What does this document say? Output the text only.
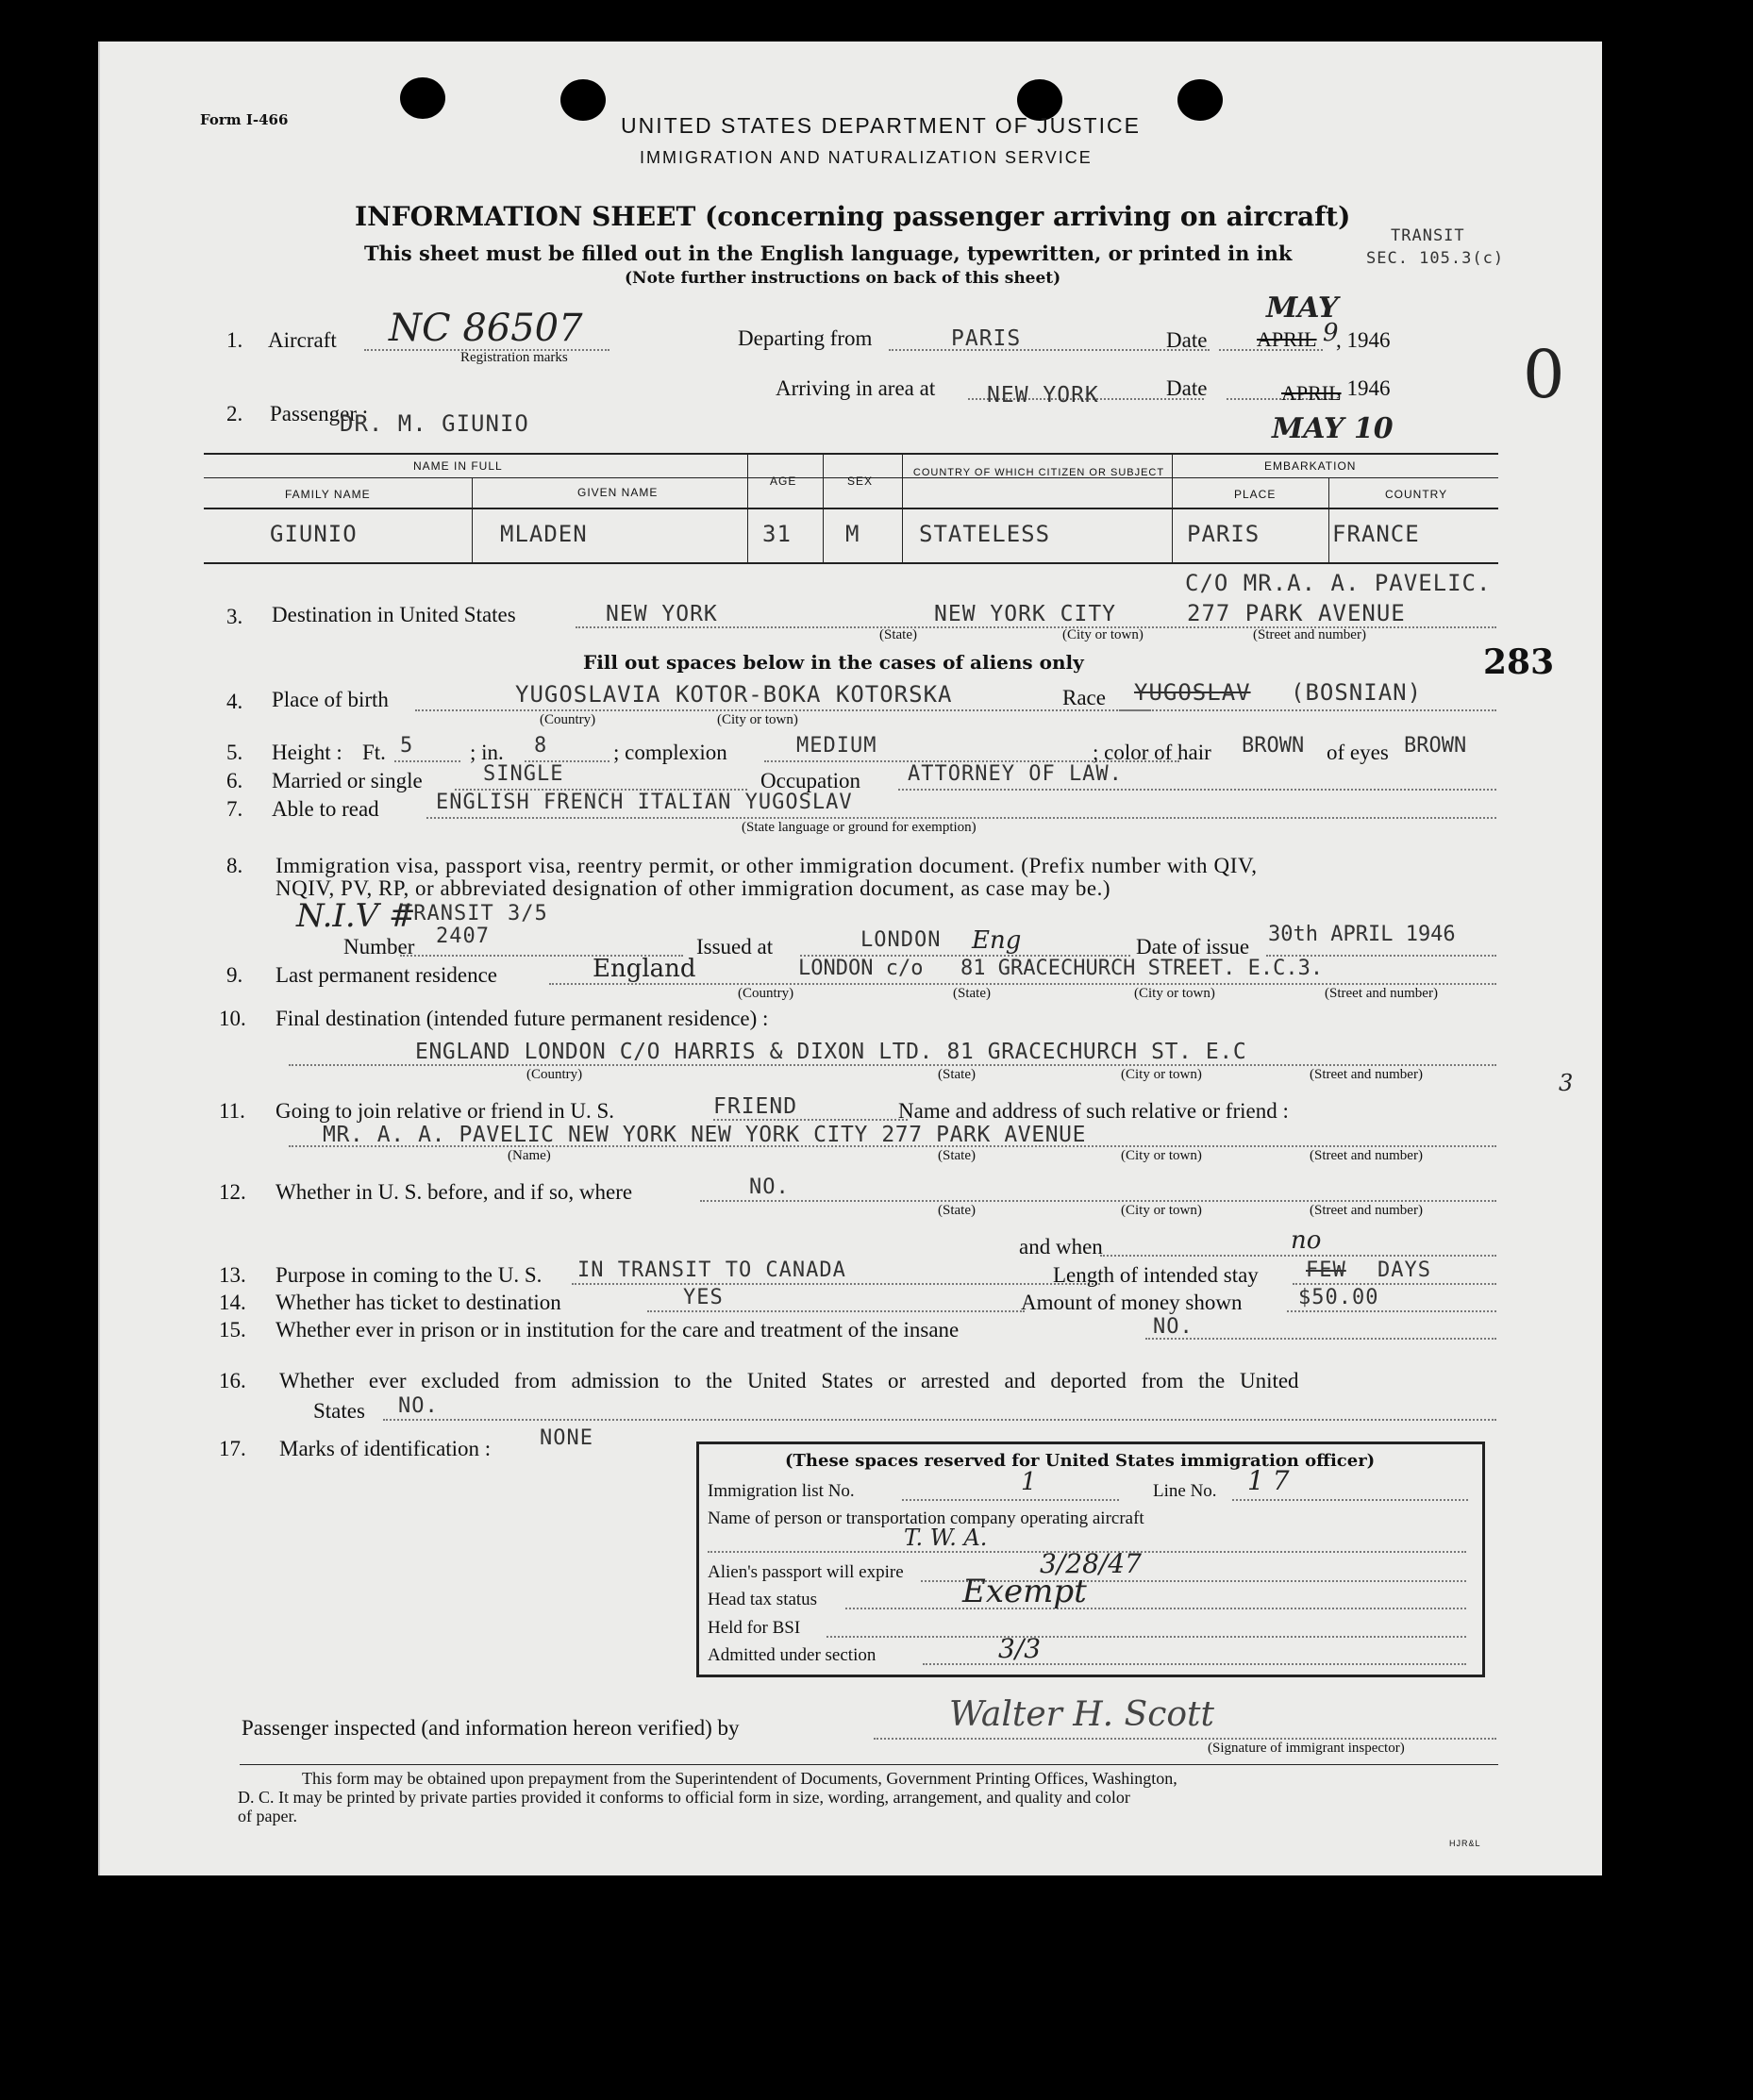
Form I-466	UNITED STATES DEPARTMENT OF JUSTICE
IMMIGRATION AND NATURALIZATION SERVICE
INFORMATION SHEET (concerning passenger arriving on aircraft)
This sheet must be filled out in the English language, typewritten, or printed in ink
(Note further instructions on back of this sheet)
TRANSIT
SEC. 105.3(c)
0
1.
2.
3.
4.
5.
6.
7.
8.
9.
10.
11.
12.
13.
14.
15.
16.
17.
Aircraft NC 86507
Registration marks
Departing from	PARIS	Date APRIL 9
MAY
, 1946
Arriving in area at NEW YORK	Date	APRIL
, 1946
MAY 10
Passenger :
DR. M. GIUNIO
NAME IN FULL
FAMILY NAME	GIVEN NAME
AGE	SEX
COUNTRY OF WHICH CITIZEN OR SUBJECT	EMBARKATION
PLACE	COUNTRY
GIUNIO	MLADEN	31 M	STATELESS	PARIS	FRANCE
C/O MR.A. A. PAVELIC.
Destination in United States	NEW YORK	NEW YORK CITY	277 PARK AVENUE
(State)	(City or town)	(Street and number)
Fill out spaces below in the cases of aliens only	283
Place of birth	YUGOSLAVIA KOTOR-BOKA KOTORSKA
(Country)	(City or town)
Race YUGOSLAV (BOSNIAN)
Height : Ft. 5	; in. 8	; complexion	MEDIUM	; color of hair BROWN of eyes BROWN
Married or single	SINGLE	Occupation ATTORNEY OF LAW.
Able to read	ENGLISH FRENCH ITALIAN YUGOSLAV
(State language or ground for exemption)
Immigration visa, passport visa, reentry permit, or other immigration document. (Prefix number with QIV,
NQIV, PV, RP, or abbreviated designation of other immigration document, as case may be.)
N.I.V #
TRANSIT 3/5
Number 2407	Issued at	LONDON Eng	Date of issue
30th APRIL 1946
Last permanent residence	England	LONDON c/o 81 GRACECHURCH STREET. E.C.3.
(Country)	(State)	(City or town)	(Street and number)
Final destination (intended future permanent residence) :
ENGLAND LONDON C/O HARRIS & DIXON LTD. 81 GRACECHURCH ST. E.C
3
(Country)	(State)	(City or town)	(Street and number)
Going to join relative or friend in U. S.	FRIEND	Name and address of such relative or friend :
MR. A. A. PAVELIC NEW YORK NEW YORK CITY 277 PARK AVENUE
(Name)	(State)	(City or town)	(Street and number)
Whether in U. S. before, and if so, where	NO.
(State)	(City or town)	(Street and number)
and when	no
Purpose in coming to the U. S. IN TRANSIT TO CANADA	Length of intended stay FEW DAYS
Whether has ticket to destination	YES	Amount of money shown	$50.00
Whether ever in prison or in institution for the care and treatment of the insane	NO.
Whether ever excluded from admission to the United States or arrested and deported from the United
States NO.
Marks of identification : NONE
(These spaces reserved for United States immigration officer)
Immigration list No.	1	Line No. 1 7
Name of person or transportation company operating aircraft
T. W. A.
Alien's passport will expire	3/28/47
Head tax status	Exempt
Held for BSI
Admitted under section	3/3
Passenger inspected (and information hereon verified) by	Walter H. Scott
(Signature of immigrant inspector)
This form may be obtained upon prepayment from the Superintendent of Documents, Government Printing Offices, Washington,
D. C. It may be printed by private parties provided it conforms to official form in size, wording, arrangement, and quality and color
of paper.
HJR&L
